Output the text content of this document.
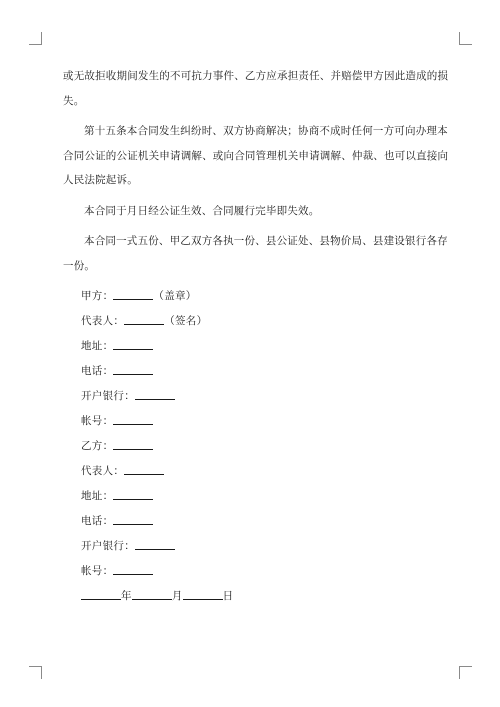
或无故拒收期间发生的不可抗力事件、乙方应承担责任、并赔偿甲方因此造成的损失。

第十五条本合同发生纠纷时、双方协商解决；协商不成时任何一方可向办理本合同公证的公证机关申请调解、或向合同管理机关申请调解、仲裁、也可以直接向人民法院起诉。

本合同于月日经公证生效、合同履行完毕即失效。

本合同一式五份、甲乙双方各执一份、县公证处、县物价局、县建设银行各存一份。

甲方：	（盖章）

代表人：	（签名）

地址：

电话：

开户银行：

帐号：

乙方：

代表人：

地址：

电话：

开户银行：

帐号：

年	月	日
